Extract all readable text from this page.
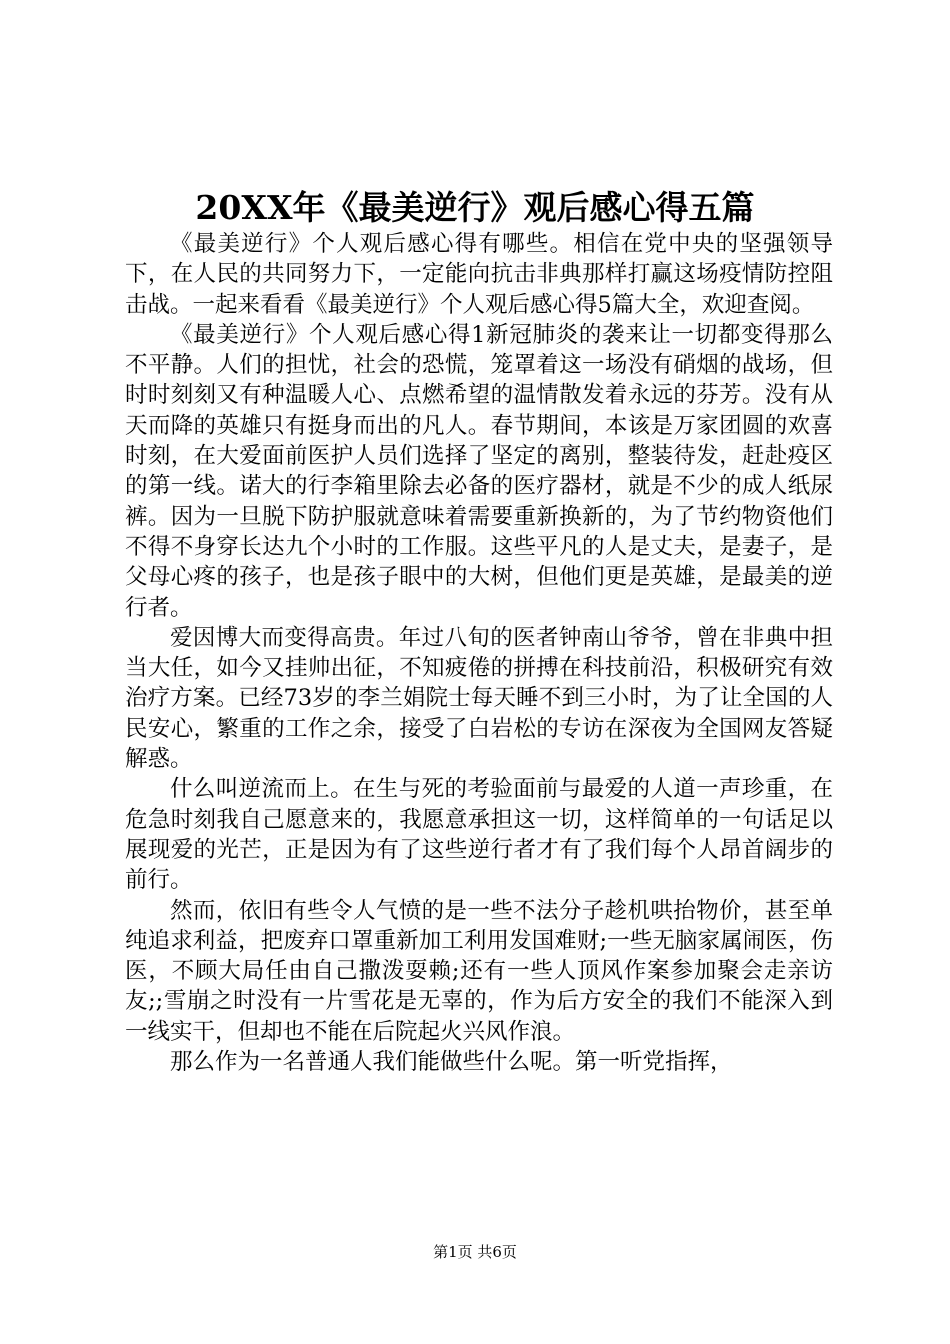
20XX年《最美逆行》观后感心得五篇

《最美逆行》个人观后感心得有哪些。相信在党中央的坚强领导下，在人民的共同努力下，一定能向抗击非典那样打赢这场疫情防控阻击战。一起来看看《最美逆行》个人观后感心得5篇大全，欢迎查阅。

《最美逆行》个人观后感心得1新冠肺炎的袭来让一切都变得那么不平静。人们的担忧，社会的恐慌，笼罩着这一场没有硝烟的战场，但时时刻刻又有种温暖人心、点燃希望的温情散发着永远的芬芳。没有从天而降的英雄只有挺身而出的凡人。春节期间，本该是万家团圆的欢喜时刻，在大爱面前医护人员们选择了坚定的离别，整装待发，赶赴疫区的第一线。诺大的行李箱里除去必备的医疗器材，就是不少的成人纸尿裤。因为一旦脱下防护服就意味着需要重新换新的，为了节约物资他们不得不身穿长达九个小时的工作服。这些平凡的人是丈夫，是妻子，是父母心疼的孩子，也是孩子眼中的大树，但他们更是英雄，是最美的逆行者。

爱因博大而变得高贵。年过八旬的医者钟南山爷爷，曾在非典中担当大任，如今又挂帅出征，不知疲倦的拼搏在科技前沿，积极研究有效治疗方案。已经73岁的李兰娟院士每天睡不到三小时，为了让全国的人民安心，繁重的工作之余，接受了白岩松的专访在深夜为全国网友答疑解惑。

什么叫逆流而上。在生与死的考验面前与最爱的人道一声珍重，在危急时刻我自己愿意来的，我愿意承担这一切，这样简单的一句话足以展现爱的光芒，正是因为有了这些逆行者才有了我们每个人昂首阔步的前行。

然而，依旧有些令人气愤的是一些不法分子趁机哄抬物价，甚至单纯追求利益，把废弃口罩重新加工利用发国难财;一些无脑家属闹医，伤医，不顾大局任由自己撒泼耍赖;还有一些人顶风作案参加聚会走亲访友;;雪崩之时没有一片雪花是无辜的，作为后方安全的我们不能深入到一线实干，但却也不能在后院起火兴风作浪。

那么作为一名普通人我们能做些什么呢。第一听党指挥，

第1页 共6页
